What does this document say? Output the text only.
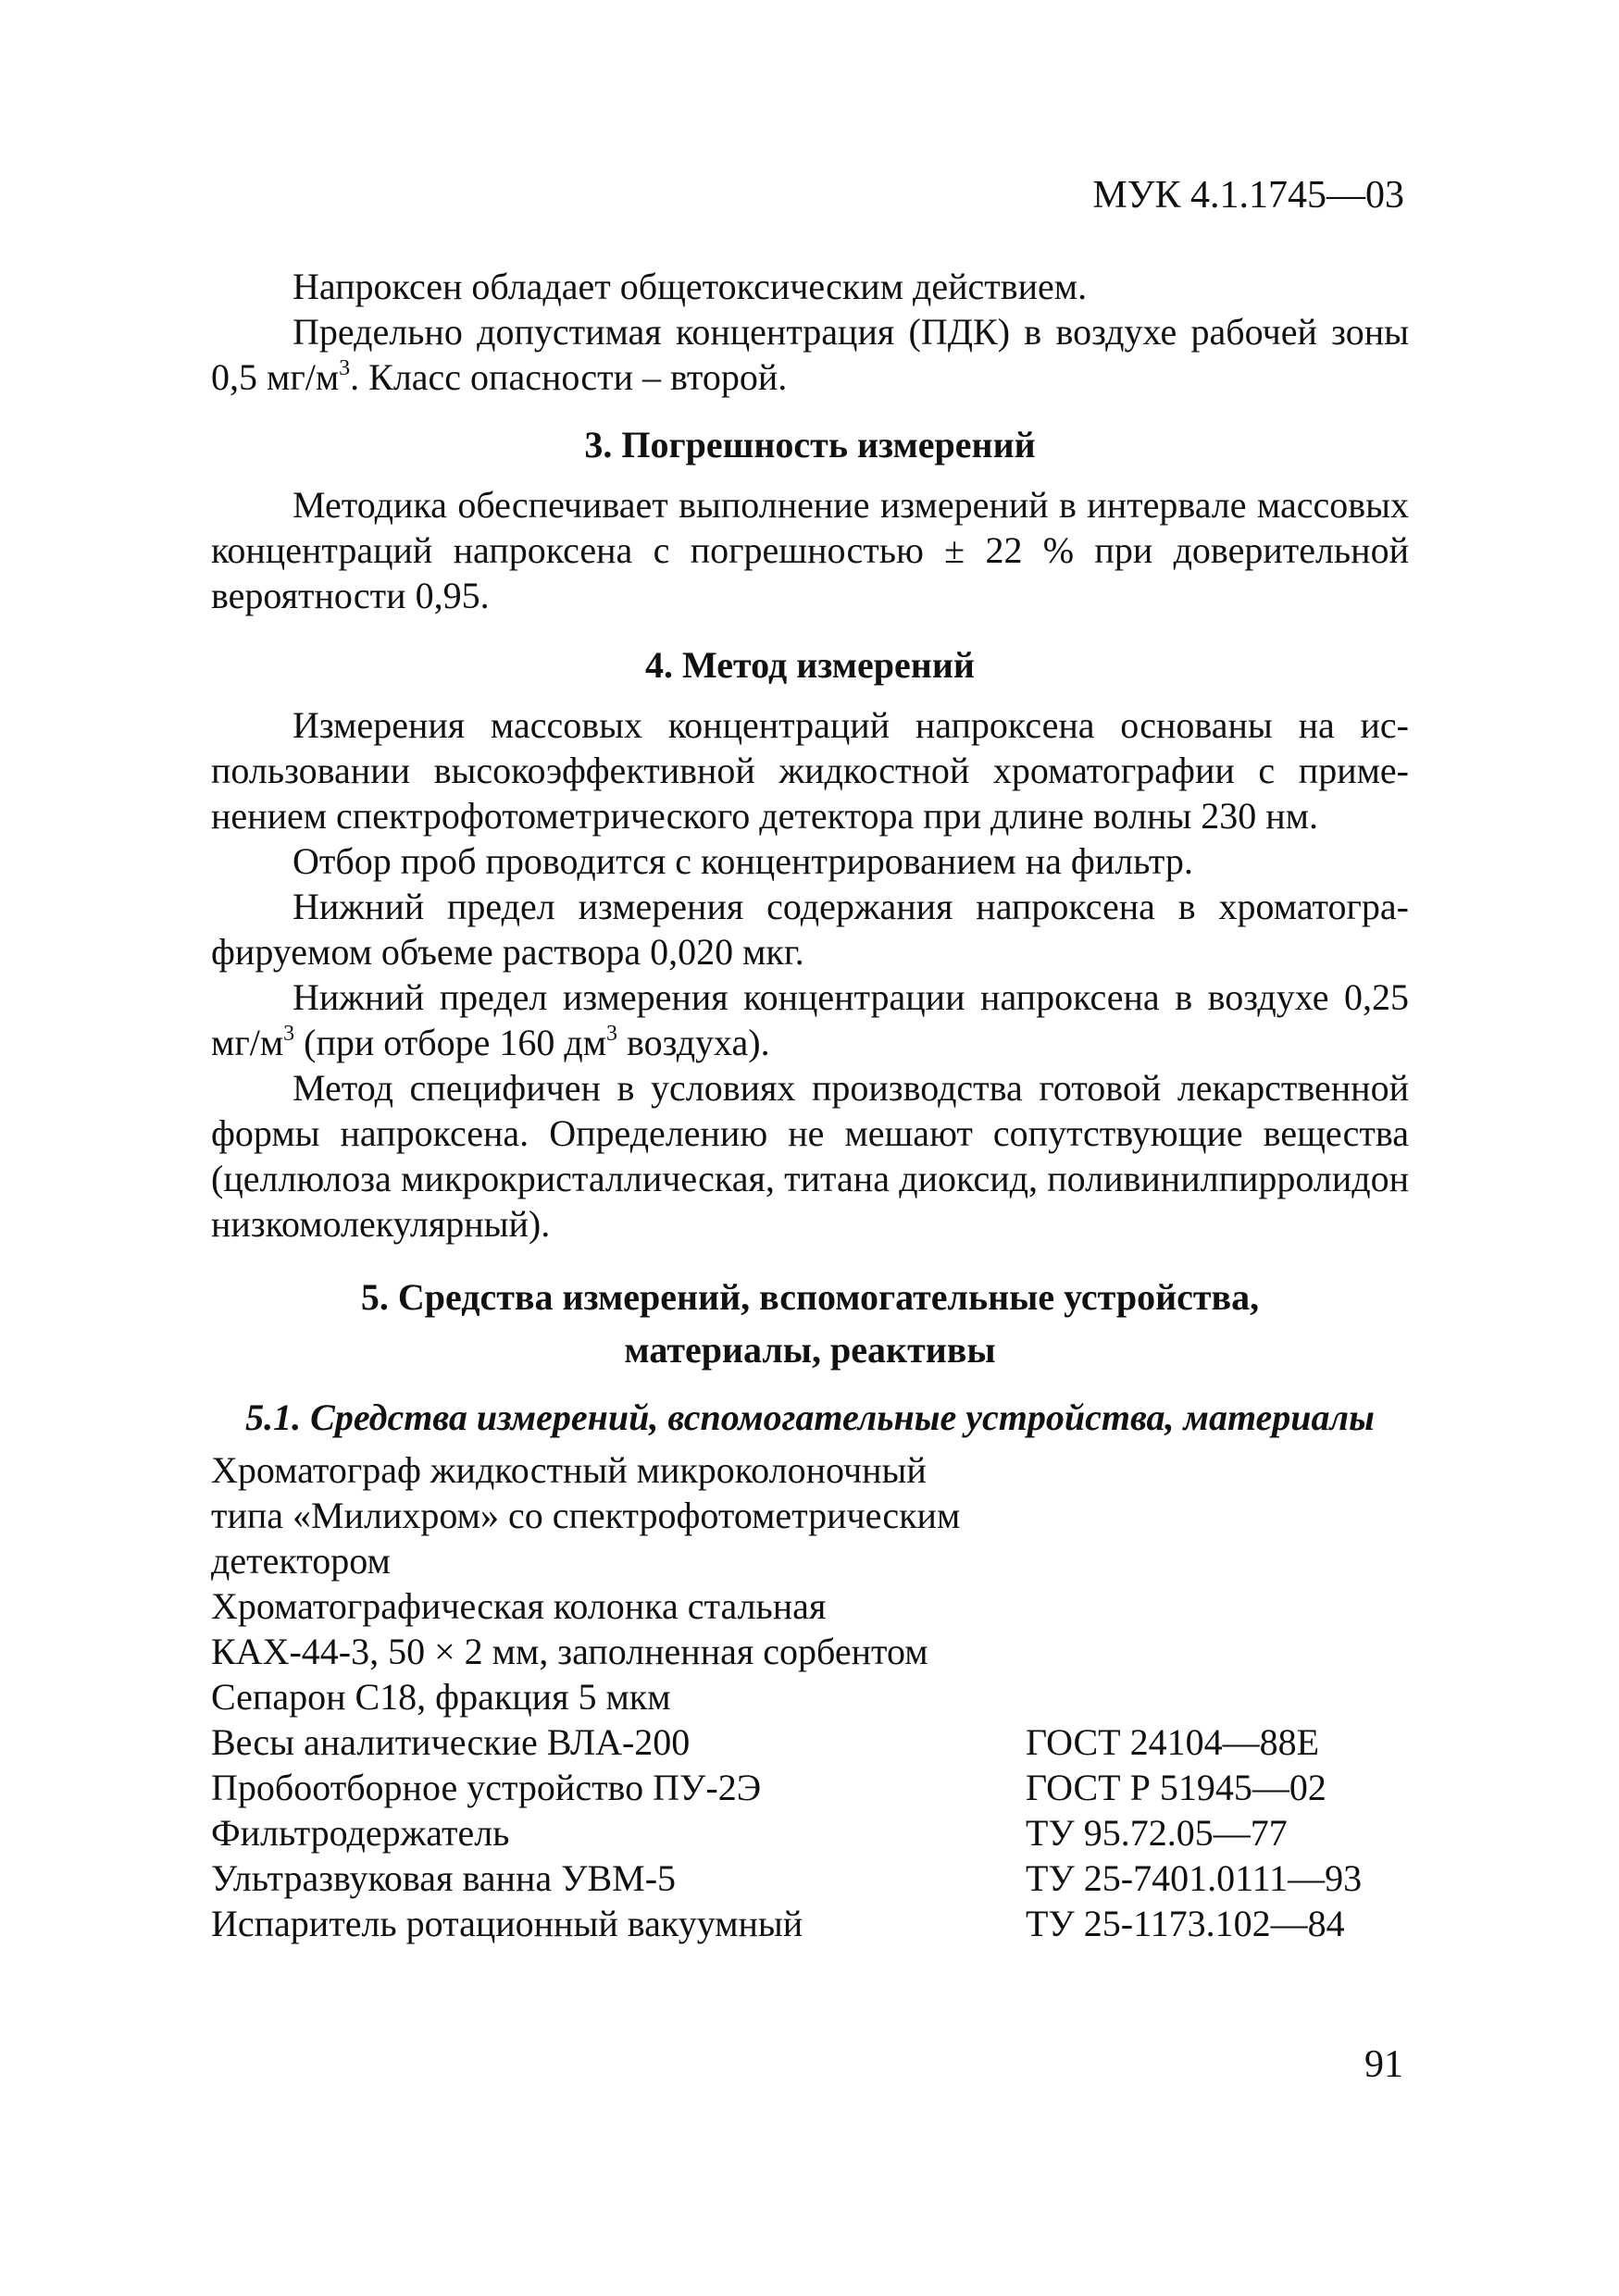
МУК 4.1.1745—03

Напроксен обладает общетоксическим действием.

Предельно допустимая концентрация (ПДК) в воздухе рабочей зоны 0,5 $мг/м^3$. Класс опасности – второй.

3. Погрешность измерений

Методика обеспечивает выполнение измерений в интервале массовых концентраций напроксена с погрешностью ± 22 % при доверительной вероятности 0,95.

4. Метод измерений

Измерения массовых концентраций напроксена основаны на использовании высокоэффективной жидкостной хроматографии с применением спектрофотометрического детектора при длине волны 230 нм.

Отбор проб проводится с концентрированием на фильтр.

Нижний предел измерения содержания напроксена в хроматографируемом объеме раствора 0,020 мкг.

Нижний предел измерения концентрации напроксена в воздухе 0,25 $мг/м^3$ (при отборе 160 $дм^3$ воздуха).

Метод специфичен в условиях производства готовой лекарственной формы напроксена. Определению не мешают сопутствующие вещества (целлюлоза микрокристаллическая, титана диоксид, поливинилпирролидон низкомолекулярный).

5. Средства измерений, вспомогательные устройства,
материалы, реактивы
5.1. Средства измерений, вспомогательные устройства, материалы
Хроматограф жидкостный микроколоночный	
типа «Милихром» со спектрофотометрическим	
детектором	
Хроматографическая колонка стальная	
КАХ-44-3, 50 × 2 мм, заполненная сорбентом	
Сепарон С18, фракция 5 мкм	
Весы аналитические ВЛА-200	ГОСТ 24104—88Е
Пробоотборное устройство ПУ-2Э	ГОСТ Р 51945—02
Фильтродержатель	ТУ 95.72.05—77
Ультразвуковая ванна УВМ-5	ТУ 25-7401.0111—93
Испаритель ротационный вакуумный	ТУ 25-1173.102—84
91
